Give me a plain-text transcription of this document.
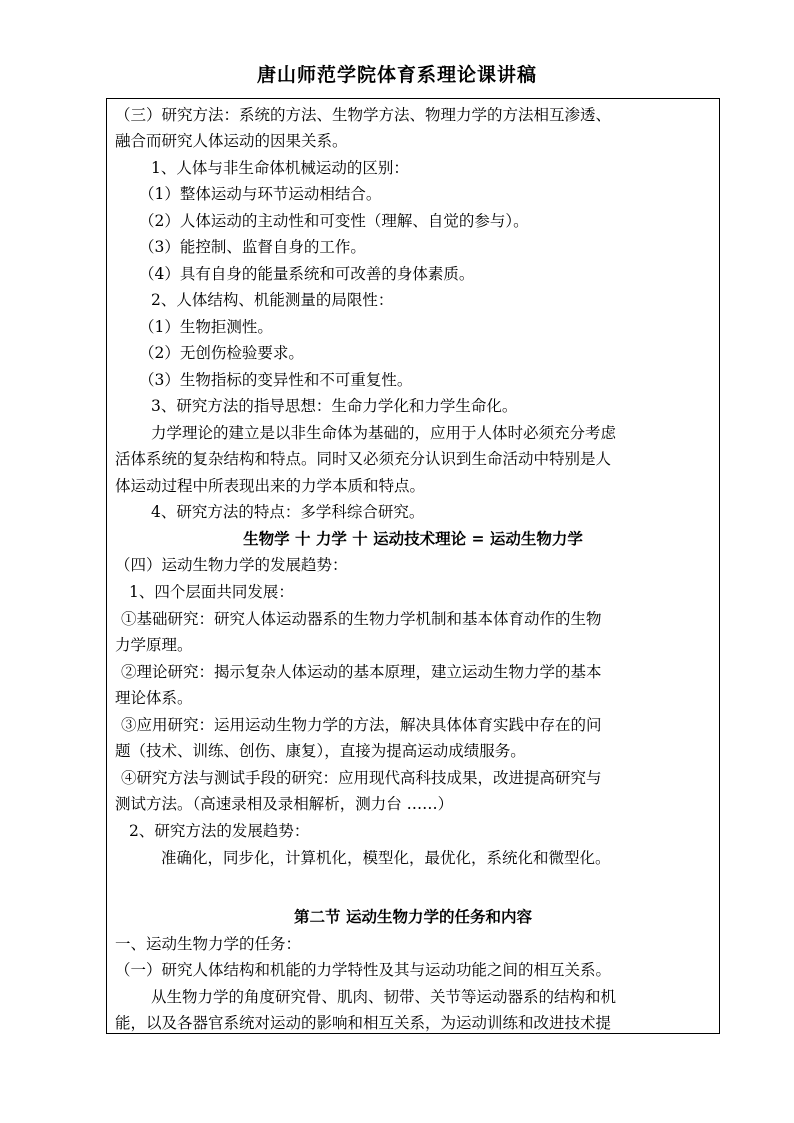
唐山师范学院体育系理论课讲稿
（三）研究方法：系统的方法、生物学方法、物理力学的方法相互渗透、
融合而研究人体运动的因果关系。
1、人体与非生命体机械运动的区别：
（1）整体运动与环节运动相结合。
（2）人体运动的主动性和可变性（理解、自觉的参与）。
（3）能控制、监督自身的工作。
（4）具有自身的能量系统和可改善的身体素质。
2、人体结构、机能测量的局限性：
（1）生物拒测性。
（2）无创伤检验要求。
（3）生物指标的变异性和不可重复性。
3、研究方法的指导思想：生命力学化和力学生命化。
力学理论的建立是以非生命体为基础的，应用于人体时必须充分考虑
活体系统的复杂结构和特点。同时又必须充分认识到生命活动中特别是人
体运动过程中所表现出来的力学本质和特点。
4、研究方法的特点：多学科综合研究。
生物学 十 力学 十 运动技术理论 = 运动生物力学
（四）运动生物力学的发展趋势：
1、四个层面共同发展：
①基础研究：研究人体运动器系的生物力学机制和基本体育动作的生物
力学原理。
②理论研究：揭示复杂人体运动的基本原理，建立运动生物力学的基本
理论体系。
③应用研究：运用运动生物力学的方法，解决具体体育实践中存在的问
题（技术、训练、创伤、康复），直接为提高运动成绩服务。
④研究方法与测试手段的研究：应用现代高科技成果，改进提高研究与
测试方法。（高速录相及录相解析，测力台 ……）
2、研究方法的发展趋势：
准确化，同步化，计算机化，模型化，最优化，系统化和微型化。
第二节 运动生物力学的任务和内容
一、运动生物力学的任务：
（一）研究人体结构和机能的力学特性及其与运动功能之间的相互关系。
从生物力学的角度研究骨、肌肉、韧带、关节等运动器系的结构和机
能，以及各器官系统对运动的影响和相互关系，为运动训练和改进技术提
